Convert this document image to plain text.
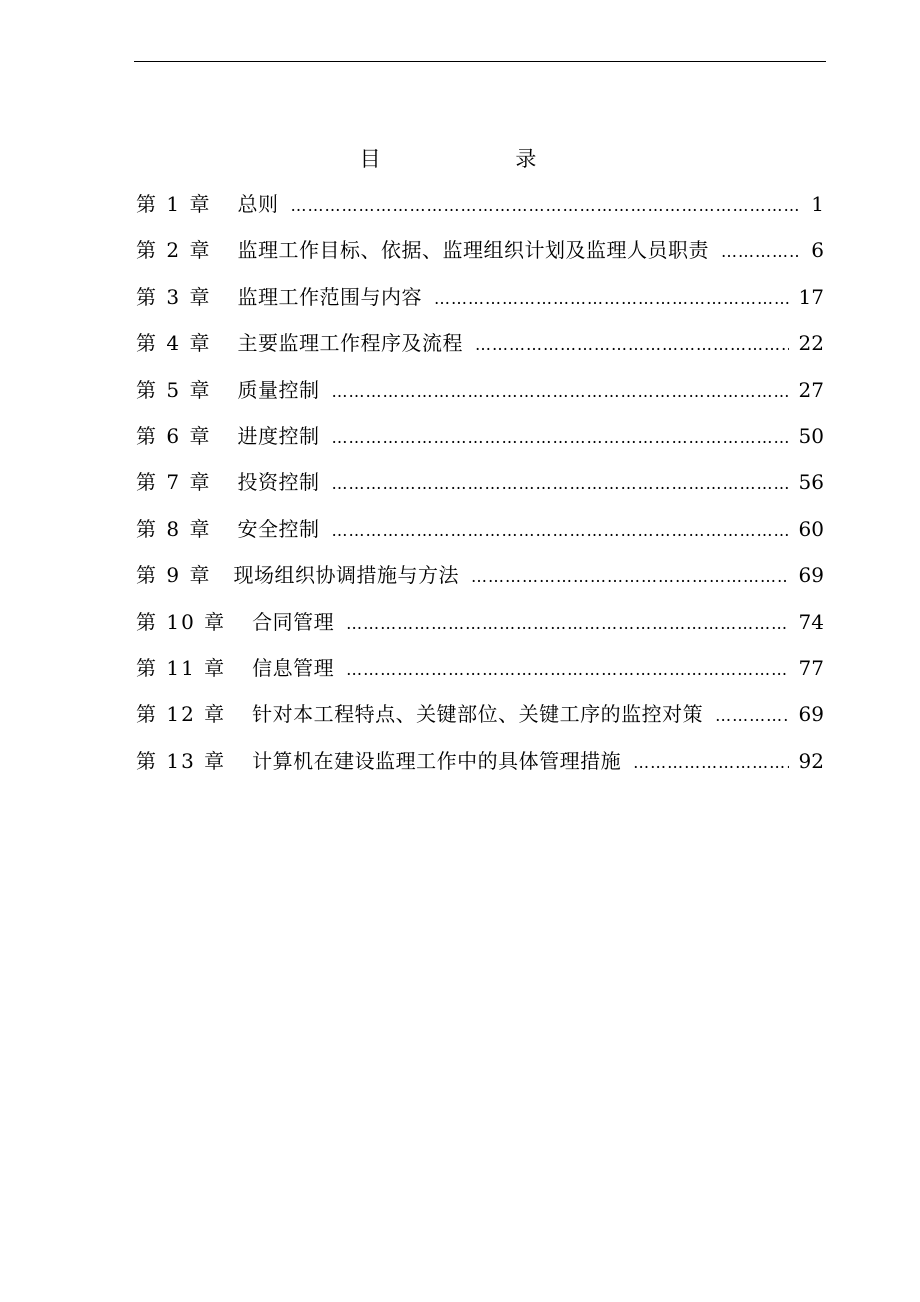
目 录
第 1 章 总则 ………………………………………………………………………………………………………………………………………………	1
第 2 章 监理工作目标、依据、监理组织计划及监理人员职责 ………………………………………………………………………………………………………………………………………………	6
第 3 章 监理工作范围与内容 ………………………………………………………………………………………………………………………………………………	17
第 4 章 主要监理工作程序及流程 ………………………………………………………………………………………………………………………………………………	22
第 5 章 质量控制 ………………………………………………………………………………………………………………………………………………	27
第 6 章 进度控制 ………………………………………………………………………………………………………………………………………………	50
第 7 章 投资控制 ………………………………………………………………………………………………………………………………………………	56
第 8 章 安全控制 ………………………………………………………………………………………………………………………………………………	60
第 9 章 现场组织协调措施与方法 ………………………………………………………………………………………………………………………………………………	69
第 10 章 合同管理 ………………………………………………………………………………………………………………………………………………	74
第 11 章 信息管理 ………………………………………………………………………………………………………………………………………………	77
第 12 章 针对本工程特点、关键部位、关键工序的监控对策 ………………………………………………………………………………………………………………………………………………	69
第 13 章 计算机在建设监理工作中的具体管理措施 ………………………………………………………………………………………………………………………………………………	92
